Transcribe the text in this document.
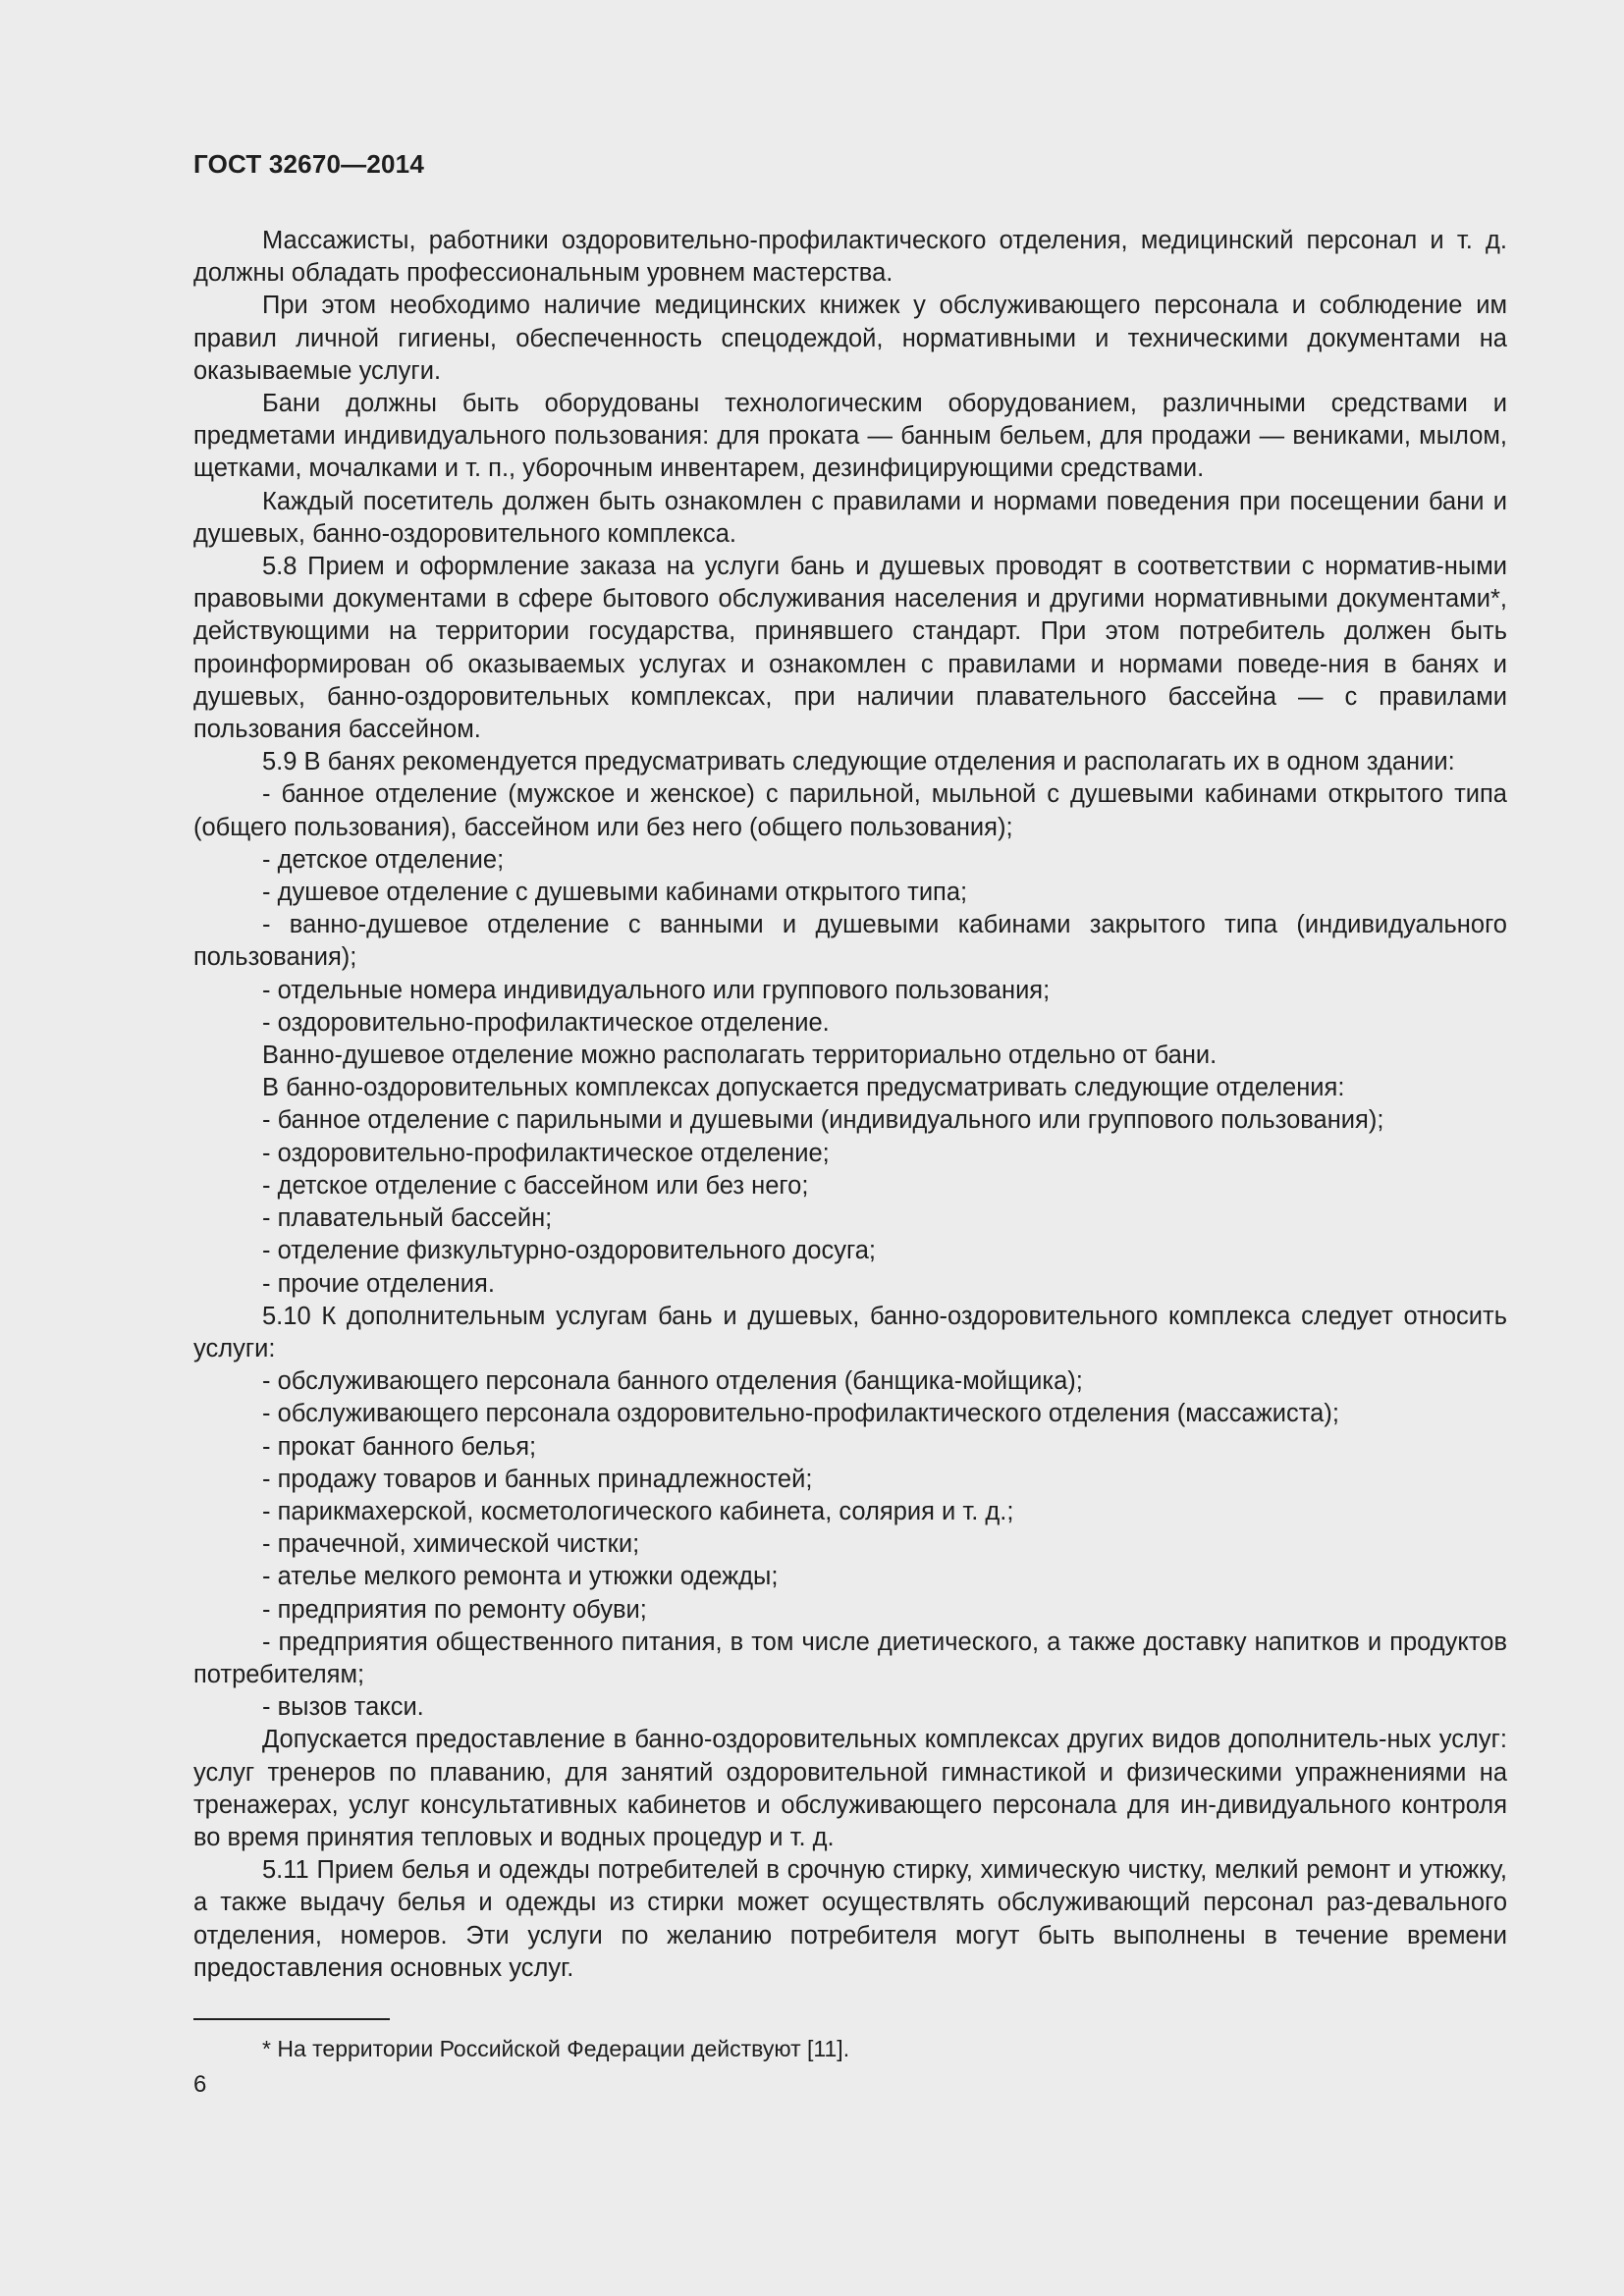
ГОСТ 32670—2014

Массажисты, работники оздоровительно-профилактического отделения, медицинский персонал и т. д. должны обладать профессиональным уровнем мастерства.

При этом необходимо наличие медицинских книжек у обслуживающего персонала и соблюдение им правил личной гигиены, обеспеченность спецодеждой, нормативными и техническими документами на оказываемые услуги.

Бани должны быть оборудованы технологическим оборудованием, различными средствами и предметами индивидуального пользования: для проката — банным бельем, для продажи — вениками, мылом, щетками, мочалками и т. п., уборочным инвентарем, дезинфицирующими средствами.

Каждый посетитель должен быть ознакомлен с правилами и нормами поведения при посещении бани и душевых, банно-оздоровительного комплекса.

5.8 Прием и оформление заказа на услуги бань и душевых проводят в соответствии с норматив-ными правовыми документами в сфере бытового обслуживания населения и другими нормативными документами*, действующими на территории государства, принявшего стандарт. При этом потребитель должен быть проинформирован об оказываемых услугах и ознакомлен с правилами и нормами поведе-ния в банях и душевых, банно-оздоровительных комплексах, при наличии плавательного бассейна — с правилами пользования бассейном.

5.9 В банях рекомендуется предусматривать следующие отделения и располагать их в одном здании:

- банное отделение (мужское и женское) с парильной, мыльной с душевыми кабинами открытого типа (общего пользования), бассейном или без него (общего пользования);

- детское отделение;

- душевое отделение с душевыми кабинами открытого типа;

- ванно-душевое отделение с ванными и душевыми кабинами закрытого типа (индивидуального пользования);

- отдельные номера индивидуального или группового пользования;

- оздоровительно-профилактическое отделение.

Ванно-душевое отделение можно располагать территориально отдельно от бани.

В банно-оздоровительных комплексах допускается предусматривать следующие отделения:

- банное отделение с парильными и душевыми (индивидуального или группового пользования);

- оздоровительно-профилактическое отделение;

- детское отделение с бассейном или без него;

- плавательный бассейн;

- отделение физкультурно-оздоровительного досуга;

- прочие отделения.

5.10 К дополнительным услугам бань и душевых, банно-оздоровительного комплекса следует относить услуги:

- обслуживающего персонала банного отделения (банщика-мойщика);

- обслуживающего персонала оздоровительно-профилактического отделения (массажиста);

- прокат банного белья;

- продажу товаров и банных принадлежностей;

- парикмахерской, косметологического кабинета, солярия и т. д.;

- прачечной, химической чистки;

- ателье мелкого ремонта и утюжки одежды;

- предприятия по ремонту обуви;

- предприятия общественного питания, в том числе диетического, а также доставку напитков и продуктов потребителям;

- вызов такси.

Допускается предоставление в банно-оздоровительных комплексах других видов дополнитель-ных услуг: услуг тренеров по плаванию, для занятий оздоровительной гимнастикой и физическими упражнениями на тренажерах, услуг консультативных кабинетов и обслуживающего персонала для ин-дивидуального контроля во время принятия тепловых и водных процедур и т. д.

5.11 Прием белья и одежды потребителей в срочную стирку, химическую чистку, мелкий ремонт и утюжку, а также выдачу белья и одежды из стирки может осуществлять обслуживающий персонал раз-девального отделения, номеров. Эти услуги по желанию потребителя могут быть выполнены в течение времени предоставления основных услуг.

* На территории Российской Федерации действуют [11].
6
